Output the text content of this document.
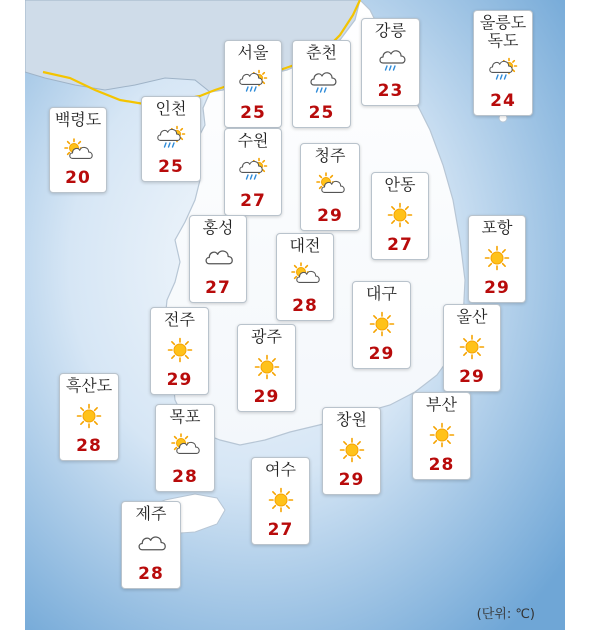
백령도
20
인천
25
서울
25
수원
27
춘천
25
강릉
23
울릉도
독도
24
청주
29
안동
27
홍성
27
대전
28
포항
29
대구
29
전주
29
광주
29
울산
29
흑산도
28
목포
28
창원
29
부산
28
여수
27
제주
28
(단위: ℃)
